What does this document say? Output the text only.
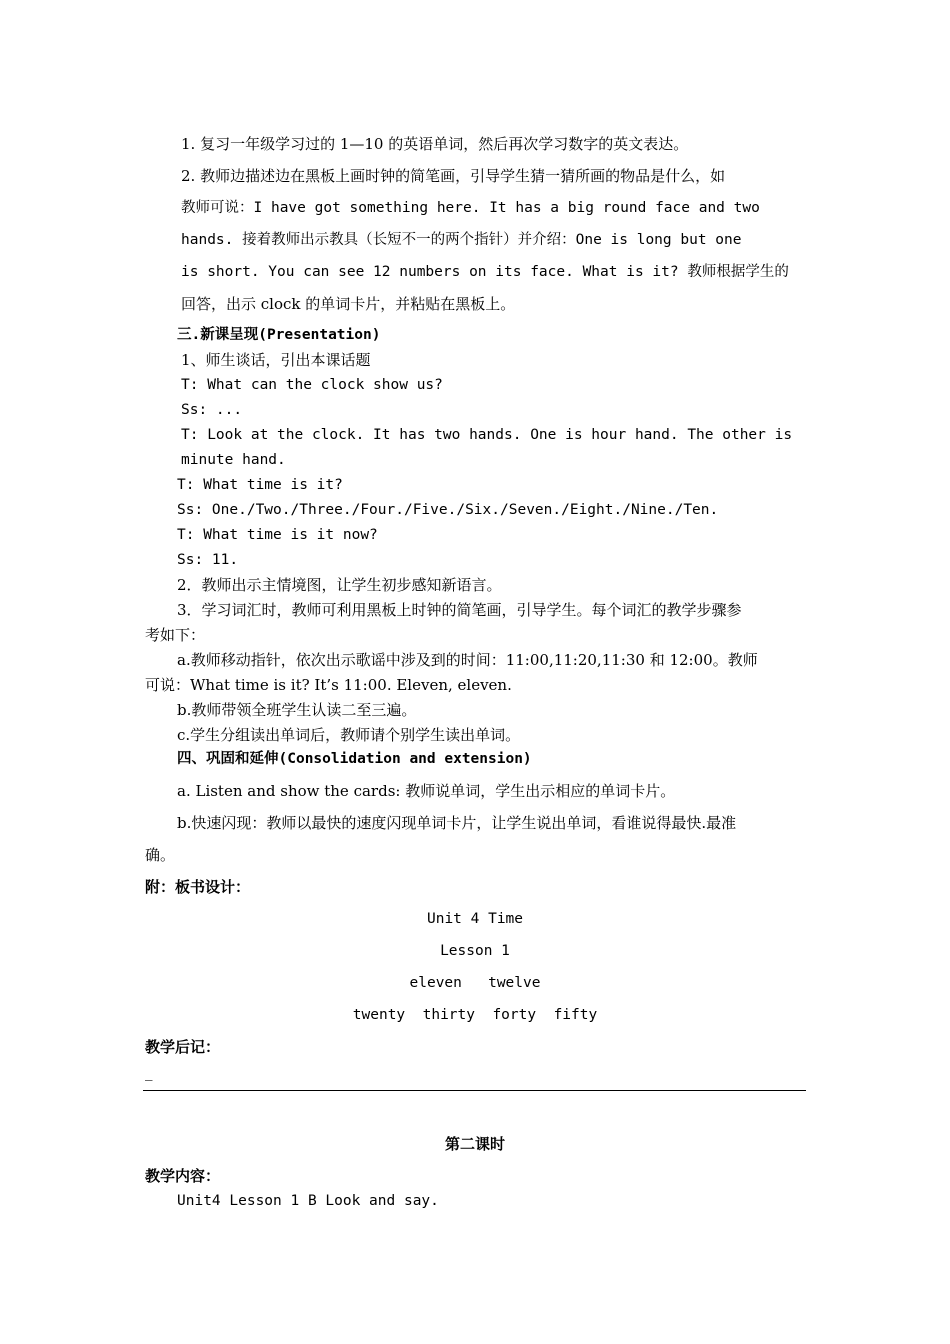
1. 复习一年级学习过的 1—10 的英语单词，然后再次学习数字的英文表达。
2. 教师边描述边在黑板上画时钟的简笔画，引导学生猜一猜所画的物品是什么，如
教师可说：I have got something here. It has a big round face and two
hands. 接着教师出示教具（长短不一的两个指针）并介绍：One is long but one
is short. You can see 12 numbers on its face. What is it? 教师根据学生的
回答，出示 clock 的单词卡片，并粘贴在黑板上。
三.新课呈现(Presentation)
1、师生谈话，引出本课话题
T: What can the clock show us?
Ss: ...
T: Look at the clock. It has two hands. One is hour hand. The other is
minute hand.
T: What time is it?
Ss: One./Two./Three./Four./Five./Six./Seven./Eight./Nine./Ten.
T: What time is it now?
Ss: 11.
2．教师出示主情境图，让学生初步感知新语言。
3．学习词汇时，教师可利用黑板上时钟的简笔画，引导学生。每个词汇的教学步骤参
考如下：
a.教师移动指针，依次出示歌谣中涉及到的时间：11:00,11:20,11:30 和 12:00。教师
可说：What time is it? It’s 11:00. Eleven, eleven.
b.教师带领全班学生认读二至三遍。
c.学生分组读出单词后，教师请个别学生读出单词。
四、巩固和延伸(Consolidation and extension)
a. Listen and show the cards: 教师说单词，学生出示相应的单词卡片。
b.快速闪现：教师以最快的速度闪现单词卡片，让学生说出单词，看谁说得最快.最准
确。
附：板书设计：
Unit 4 Time
Lesson 1
eleven   twelve
twenty  thirty  forty  fifty
教学后记：
_
第二课时
教学内容：
Unit4 Lesson 1 B Look and say.
